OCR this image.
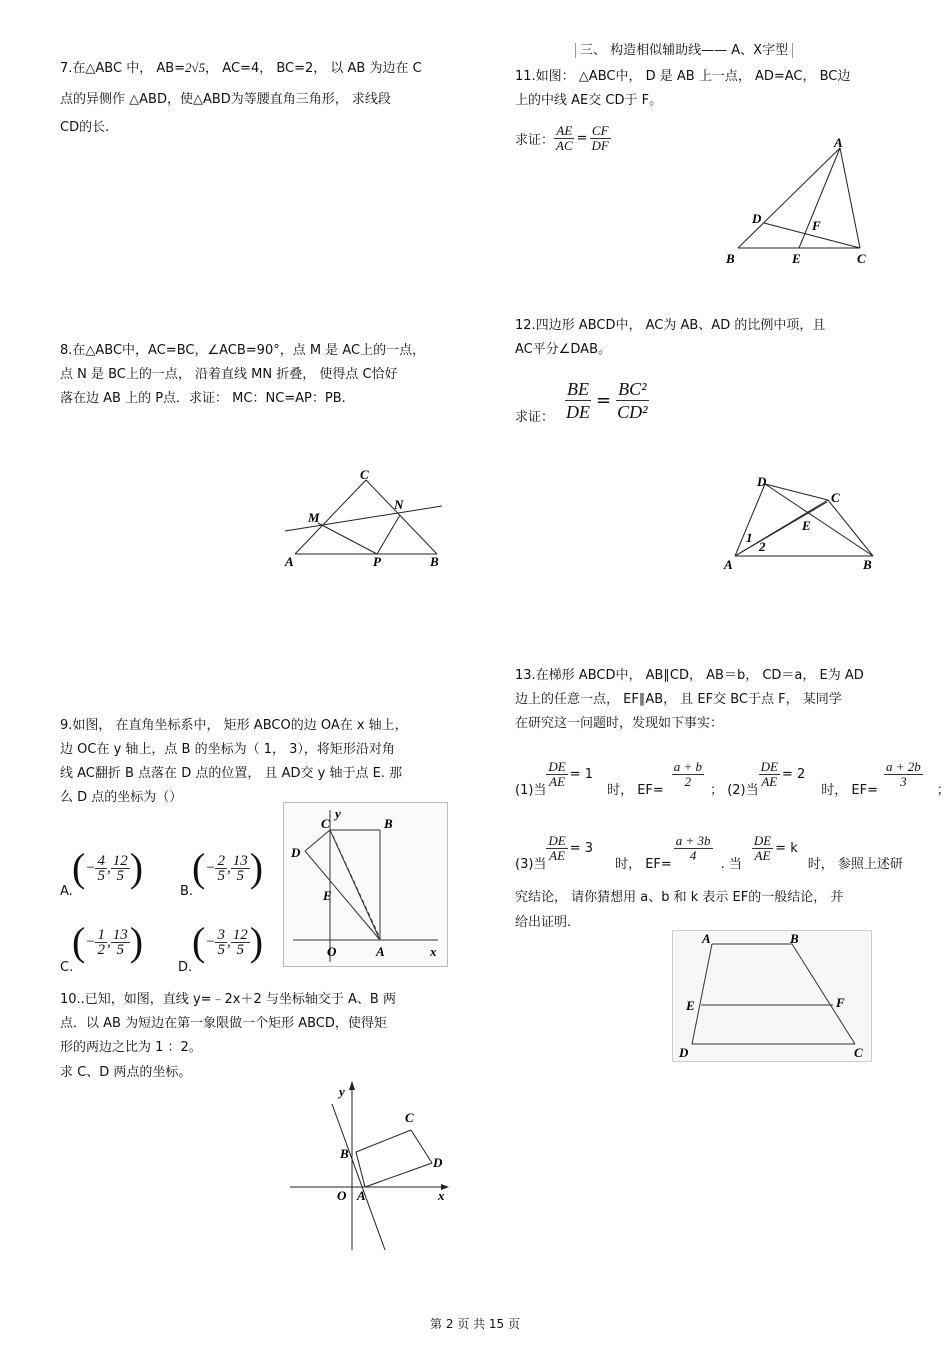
三、 构造相似辅助线—— A、X字型
7.在△ABC 中， AB=2√5， AC=4， BC=2， 以 AB 为边在 C
点的异侧作 △ABD，使△ABD为等腰直角三角形， 求线段
CD的长.
8.在△ABC中，AC=BC，∠ACB=90°，点 M 是 AC上的一点，
点 N 是 BC上的一点， 沿着直线 MN 折叠， 使得点 C恰好
落在边 AB 上的 P点．求证： MC：NC=AP：PB.
C
M
N
A	P	B
9.如图， 在直角坐标系中， 矩形 ABCO的边 OA在 x 轴上，
边 OC在 y 轴上，点 B 的坐标为（ 1， 3），将矩形沿对角
线 AC翻折 B 点落在 D 点的位置， 且 AD交 y 轴于点 E. 那
么 D 点的坐标为（）
A.
( − $\frac{4}{5}$ , $\frac{12}{5}$ )
B.
( − $\frac{2}{5}$ , $\frac{13}{5}$ )
C.
( − $\frac{1}{2}$ , $\frac{13}{5}$ )
D.
( − $\frac{3}{5}$ , $\frac{12}{5}$ )
y
C	B
D
E
O	A	x
10..已知，如图，直线 y=﹣2x＋2 与坐标轴交于 A、B 两
点．以 AB 为短边在第一象限做一个矩形 ABCD，使得矩
形的两边之比为 1 ：2。
求 C、D 两点的坐标。
y
C
B
D
O A	x
11.如图： △ABC中， D 是 AB 上一点， AD=AC， BC边
上的中线 AE交 CD于 F。
求证： $\frac{AE}{AC} = \frac{CF}{DF}$	A
D	F
B	E	C
12.四边形 ABCD中， AC为 AB、AD 的比例中项，且
AC平分∠DAB。
求证： $\frac{BE}{DE} = \frac{\text{BC²}}{\text{CD²}}$
D
C
E
1
2
A	B
13.在梯形 ABCD中， AB∥CD， AB＝b， CD＝a， E为 AD
边上的任意一点， EF∥AB， 且 EF交 BC于点 F， 某同学
在研究这一问题时，发现如下事实：
(1)当
$\frac{DE}{AE} = 1$
时， EF=
$\frac{a + b}{2}$
； (2)当
$\frac{DE}{AE} = 2$
时， EF=
$\frac{a + 2b}{3}$
；
(3)当
$\frac{DE}{AE} = 3$
时， EF=
$\frac{a + 3b}{4}$
. 当
$\frac{DE}{AE} = k$
时， 参照上述研
究结论， 请你猜想用 a、b 和 k 表示 EF的一般结论， 并
给出证明.
A	B
E	F
D	C
第 2 页 共 15 页
